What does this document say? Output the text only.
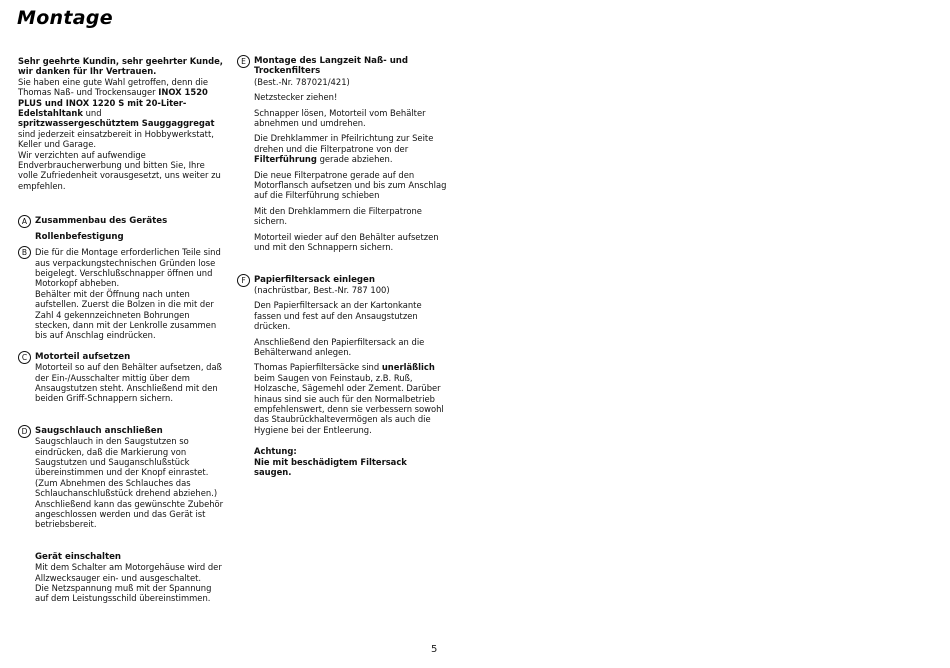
Montage

Sehr geehrte Kundin, sehr geehrter Kunde,

wir danken für Ihr Vertrauen.

Sie haben eine gute Wahl getroffen, denn die Thomas Naß- und Trockensauger INOX 1520 PLUS und INOX 1220 S mit 20-Liter-Edelstahltank und spritzwassergeschütztem Sauggaggregat sind jederzeit einsatzbereit in Hobbywerkstatt, Keller und Garage.

Wir verzichten auf aufwendige Endverbraucherwerbung und bitten Sie, Ihre volle Zufriedenheit vorausgesetzt, uns weiter zu empfehlen.

A Zusammenbau des Gerätes

Rollenbefestigung

B Die für die Montage erforderlichen Teile sind aus verpackungstechnischen Gründen lose beigelegt. Verschlußschnapper öffnen und Motorkopf abheben.

Behälter mit der Öffnung nach unten aufstellen. Zuerst die Bolzen in die mit der Zahl 4 gekennzeichneten Bohrungen stecken, dann mit der Lenkrolle zusammen bis auf Anschlag eindrücken.

C Motorteil aufsetzen

Motorteil so auf den Behälter aufsetzen, daß der Ein-/Ausschalter mittig über dem Ansaugstutzen steht. Anschließend mit den beiden Griff-Schnappern sichern.

D Saugschlauch anschließen

Saugschlauch in den Saugstutzen so eindrücken, daß die Markierung von Saugstutzen und Sauganschlußstück übereinstimmen und der Knopf einrastet. (Zum Abnehmen des Schlauches das Schlauchanschlußstück drehend abziehen.) Anschließend kann das gewünschte Zubehör angeschlossen werden und das Gerät ist betriebsbereit.

Gerät einschalten

Mit dem Schalter am Motorgehäuse wird der Allzwecksauger ein- und ausgeschaltet.

Die Netzspannung muß mit der Spannung auf dem Leistungsschild übereinstimmen.

E Montage des Langzeit Naß- und

Trockenfilters

(Best.-Nr. 787021/421)

Netzstecker ziehen!

Schnapper lösen, Motorteil vom Behälter abnehmen und umdrehen.

Die Drehklammer in Pfeilrichtung zur Seite drehen und die Filterpatrone von der Filterführung gerade abziehen.

Die neue Filterpatrone gerade auf den Motorflansch aufsetzen und bis zum Anschlag auf die Filterführung schieben

Mit den Drehklammern die Filterpatrone sichern.

Motorteil wieder auf den Behälter aufsetzen und mit den Schnappern sichern.

F Papierfiltersack einlegen

(nachrüstbar, Best.-Nr. 787 100)

Den Papierfiltersack an der Kartonkante fassen und fest auf den Ansaugstutzen drücken.

Anschließend den Papierfiltersack an die Behälterwand anlegen.

Thomas Papierfiltersäcke sind unerläßlich beim Saugen von Feinstaub, z.B. Ruß, Holzasche, Sägemehl oder Zement. Darüber hinaus sind sie auch für den Normalbetrieb empfehlenswert, denn sie verbessern sowohl das Staubrückhaltevermögen als auch die Hygiene bei der Entleerung.

Achtung:

Nie mit beschädigtem Filtersack saugen.

5
